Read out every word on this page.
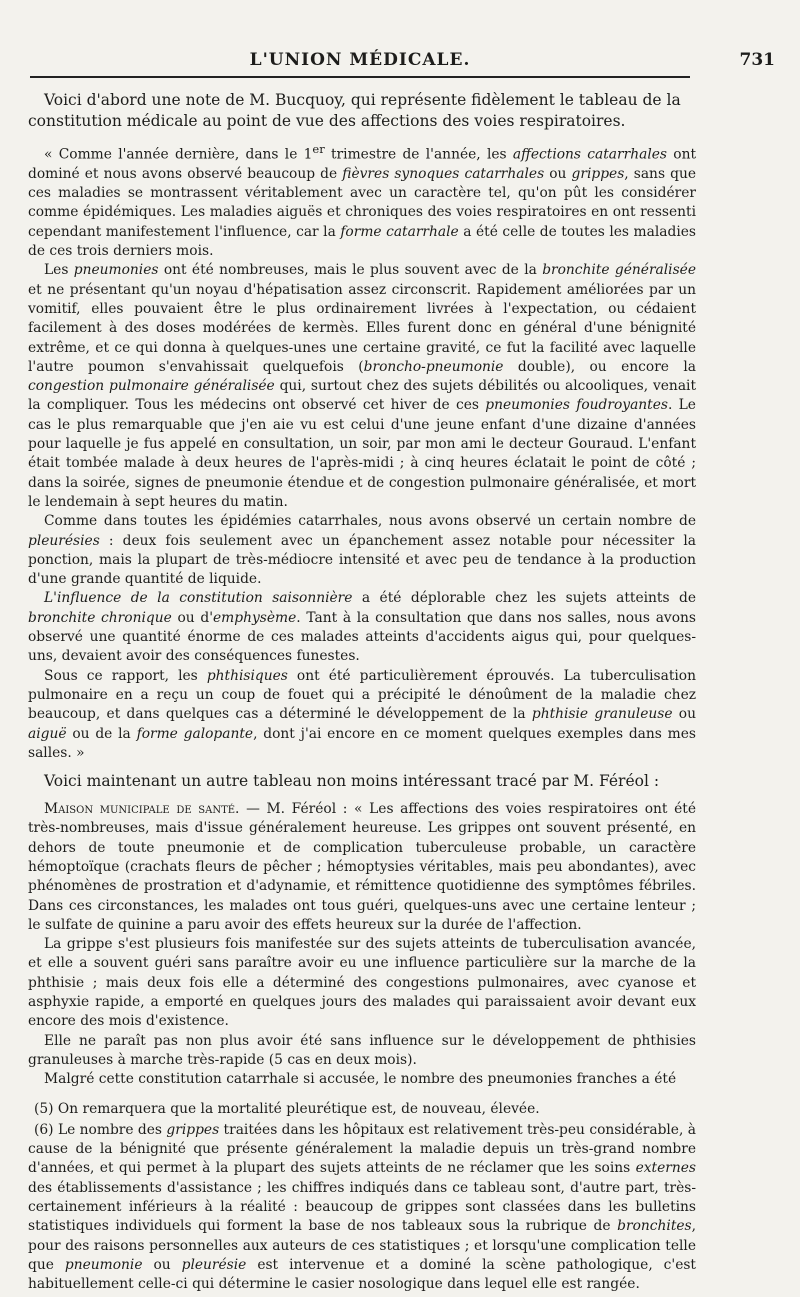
L'UNION MÉDICALE.	731

Voici d'abord une note de M. Bucquoy, qui représente fidèlement le tableau de la constitution médicale au point de vue des affections des voies respiratoires.

« Comme l'année dernière, dans le 1er trimestre de l'année, les affections catarrhales ont dominé et nous avons observé beaucoup de fièvres synoques catarrhales ou grippes, sans que ces maladies se montrassent véritablement avec un caractère tel, qu'on pût les considérer comme épidémiques. Les maladies aiguës et chroniques des voies respiratoires en ont ressenti cependant manifestement l'influence, car la forme catarrhale a été celle de toutes les maladies de ces trois derniers mois.

Les pneumonies ont été nombreuses, mais le plus souvent avec de la bronchite généralisée et ne présentant qu'un noyau d'hépatisation assez circonscrit. Rapidement améliorées par un vomitif, elles pouvaient être le plus ordinairement livrées à l'expectation, ou cédaient facilement à des doses modérées de kermès. Elles furent donc en général d'une bénignité extrême, et ce qui donna à quelques-unes une certaine gravité, ce fut la facilité avec laquelle l'autre poumon s'envahissait quelquefois (broncho-pneumonie double), ou encore la congestion pulmonaire généralisée qui, surtout chez des sujets débilités ou alcooliques, venait la compliquer. Tous les médecins ont observé cet hiver de ces pneumonies foudroyantes. Le cas le plus remarquable que j'en aie vu est celui d'une jeune enfant d'une dizaine d'années pour laquelle je fus appelé en consultation, un soir, par mon ami le decteur Gouraud. L'enfant était tombée malade à deux heures de l'après-midi ; à cinq heures éclatait le point de côté ; dans la soirée, signes de pneumonie étendue et de congestion pulmonaire généralisée, et mort le lendemain à sept heures du matin.

Comme dans toutes les épidémies catarrhales, nous avons observé un certain nombre de pleurésies : deux fois seulement avec un épanchement assez notable pour nécessiter la ponction, mais la plupart de très-médiocre intensité et avec peu de tendance à la production d'une grande quantité de liquide.

L'influence de la constitution saisonnière a été déplorable chez les sujets atteints de bronchite chronique ou d'emphysème. Tant à la consultation que dans nos salles, nous avons observé une quantité énorme de ces malades atteints d'accidents aigus qui, pour quelques-uns, devaient avoir des conséquences funestes.

Sous ce rapport, les phthisiques ont été particulièrement éprouvés. La tuberculisation pulmonaire en a reçu un coup de fouet qui a précipité le dénoûment de la maladie chez beaucoup, et dans quelques cas a déterminé le développement de la phthisie granuleuse ou aiguë ou de la forme galopante, dont j'ai encore en ce moment quelques exemples dans mes salles. »

Voici maintenant un autre tableau non moins intéressant tracé par M. Féréol :

Maison municipale de santé. — M. Féréol : « Les affections des voies respiratoires ont été très-nombreuses, mais d'issue généralement heureuse. Les grippes ont souvent présenté, en dehors de toute pneumonie et de complication tuberculeuse probable, un caractère hémoptoïque (crachats fleurs de pêcher ; hémoptysies véritables, mais peu abondantes), avec phénomènes de prostration et d'adynamie, et rémittence quotidienne des symptômes fébriles. Dans ces circonstances, les malades ont tous guéri, quelques-uns avec une certaine lenteur ; le sulfate de quinine a paru avoir des effets heureux sur la durée de l'affection.

La grippe s'est plusieurs fois manifestée sur des sujets atteints de tuberculisation avancée, et elle a souvent guéri sans paraître avoir eu une influence particulière sur la marche de la phthisie ; mais deux fois elle a déterminé des congestions pulmonaires, avec cyanose et asphyxie rapide, a emporté en quelques jours des malades qui paraissaient avoir devant eux encore des mois d'existence.

Elle ne paraît pas non plus avoir été sans influence sur le développement de phthisies granuleuses à marche très-rapide (5 cas en deux mois).

Malgré cette constitution catarrhale si accusée, le nombre des pneumonies franches a été

(5) On remarquera que la mortalité pleurétique est, de nouveau, élevée.

(6) Le nombre des grippes traitées dans les hôpitaux est relativement très-peu considérable, à cause de la bénignité que présente généralement la maladie depuis un très-grand nombre d'années, et qui permet à la plupart des sujets atteints de ne réclamer que les soins externes des établissements d'assistance ; les chiffres indiqués dans ce tableau sont, d'autre part, très-certainement inférieurs à la réalité : beaucoup de grippes sont classées dans les bulletins statistiques individuels qui forment la base de nos tableaux sous la rubrique de bronchites, pour des raisons personnelles aux auteurs de ces statistiques ; et lorsqu'une complication telle que pneumonie ou pleurésie est intervenue et a dominé la scène pathologique, c'est habituellement celle-ci qui détermine le casier nosologique dans lequel elle est rangée.
